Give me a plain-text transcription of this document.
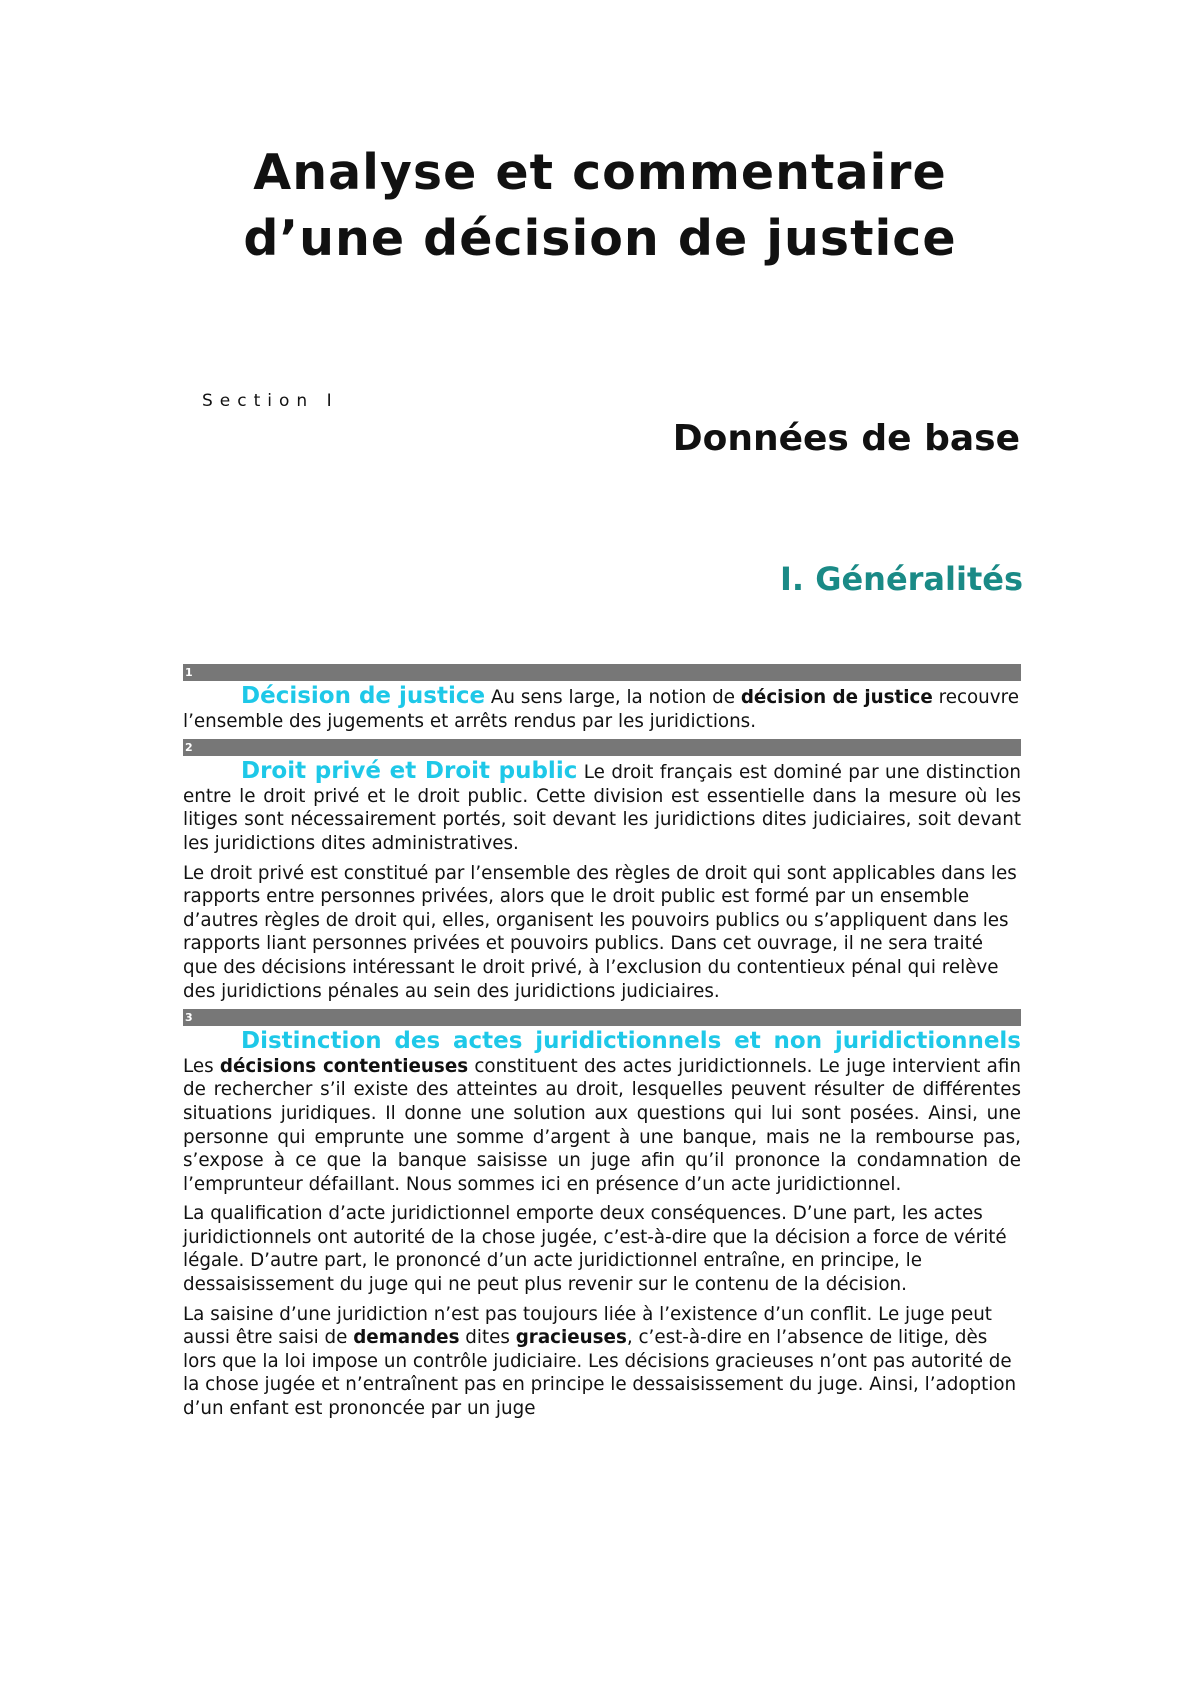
Analyse et commentaire
d’une décision de justice
Section I
Données de base
I. Généralités
1

Décision de justice Au sens large, la notion de décision de justice recouvre l’ensemble des jugements et arrêts rendus par les juridictions.

2

Droit privé et Droit public Le droit français est dominé par une distinction entre le droit privé et le droit public. Cette division est essentielle dans la mesure où les litiges sont nécessairement portés, soit devant les juridictions dites judiciaires, soit devant les juridictions dites administratives.

Le droit privé est constitué par l’ensemble des règles de droit qui sont applicables dans les rapports entre personnes privées, alors que le droit public est formé par un ensemble d’autres règles de droit qui, elles, organisent les pouvoirs publics ou s’appliquent dans les rapports liant personnes privées et pouvoirs publics. Dans cet ouvrage, il ne sera traité que des décisions intéressant le droit privé, à l’exclusion du contentieux pénal qui relève des juridictions pénales au sein des juridictions judiciaires.

3

Distinction des actes juridictionnels et non juridictionnels Les décisions contentieuses constituent des actes juridictionnels. Le juge intervient afin de rechercher s’il existe des atteintes au droit, lesquelles peuvent résulter de différentes situations juridiques. Il donne une solution aux questions qui lui sont posées. Ainsi, une personne qui emprunte une somme d’argent à une banque, mais ne la rembourse pas, s’expose à ce que la banque saisisse un juge afin qu’il prononce la condamnation de l’emprunteur défaillant. Nous sommes ici en présence d’un acte juridictionnel.

La qualification d’acte juridictionnel emporte deux conséquences. D’une part, les actes juridictionnels ont autorité de la chose jugée, c’est-à-dire que la décision a force de vérité légale. D’autre part, le prononcé d’un acte juridictionnel entraîne, en principe, le dessaisissement du juge qui ne peut plus revenir sur le contenu de la décision.

La saisine d’une juridiction n’est pas toujours liée à l’existence d’un conflit. Le juge peut aussi être saisi de demandes dites gracieuses, c’est-à-dire en l’absence de litige, dès lors que la loi impose un contrôle judiciaire. Les décisions gracieuses n’ont pas autorité de la chose jugée et n’entraînent pas en principe le dessaisissement du juge. Ainsi, l’adoption d’un enfant est prononcée par un juge
